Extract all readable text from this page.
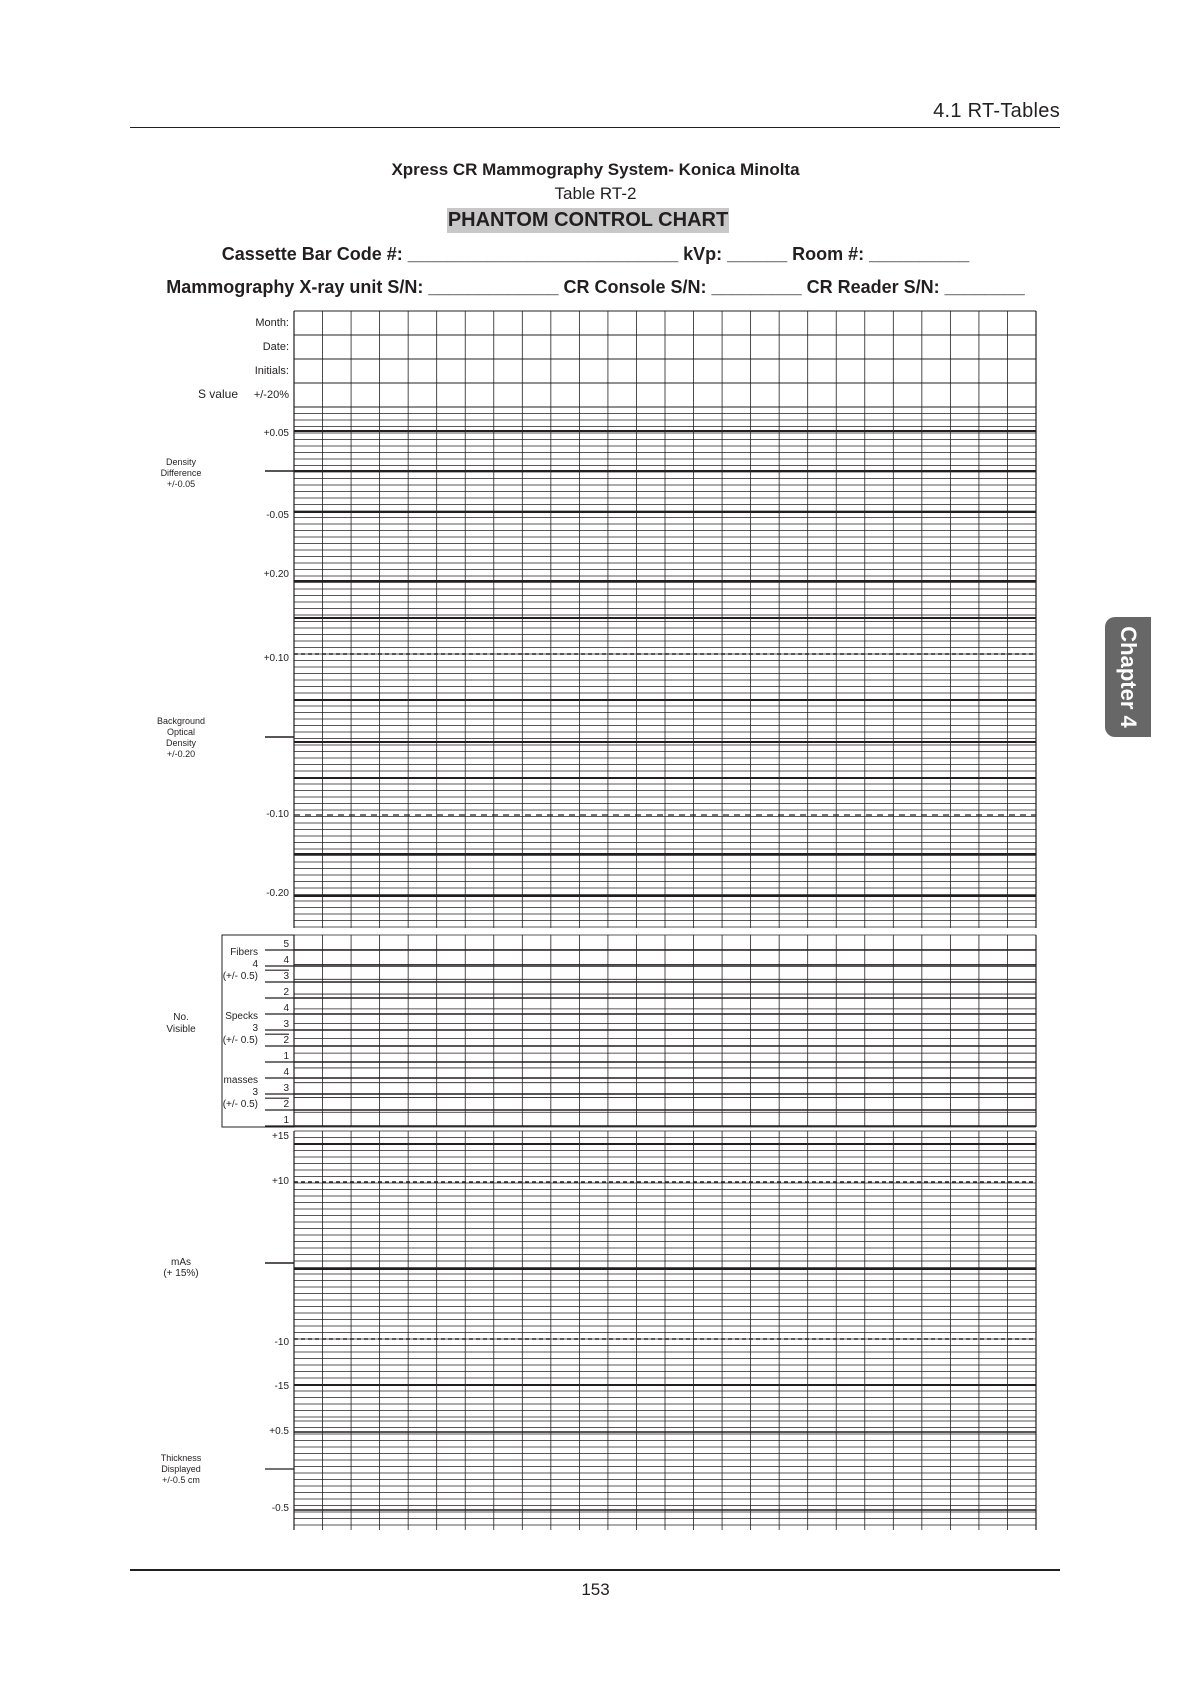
4.1 RT-Tables
Xpress CR Mammography System- Konica Minolta
Table RT-2
PHANTOM CONTROL CHART
Cassette Bar Code #: ___________________________ kVp: ______ Room #: __________
Mammography X-ray unit S/N: _____________ CR Console S/N: _________ CR Reader S/N: ________
Month:
Date:
Initials:
S value +/-20%
+0.05
-0.05
Density
Difference
+/-0.05
+0.20
+0.10
-0.10
-0.20
Background
Optical
Density
+/-0.20
5
4
3
2
Fibers
4
(+/- 0.5)
4
3
2
1
Specks
3
(+/- 0.5)
4
3
2
1
masses
3
(+/- 0.5)
No.
Visible
+15
+10
-10
-15
mAs
(+ 15%)
+0.5
-0.5
Thickness
Displayed
+/-0.5 cm
153
Chapter 4
